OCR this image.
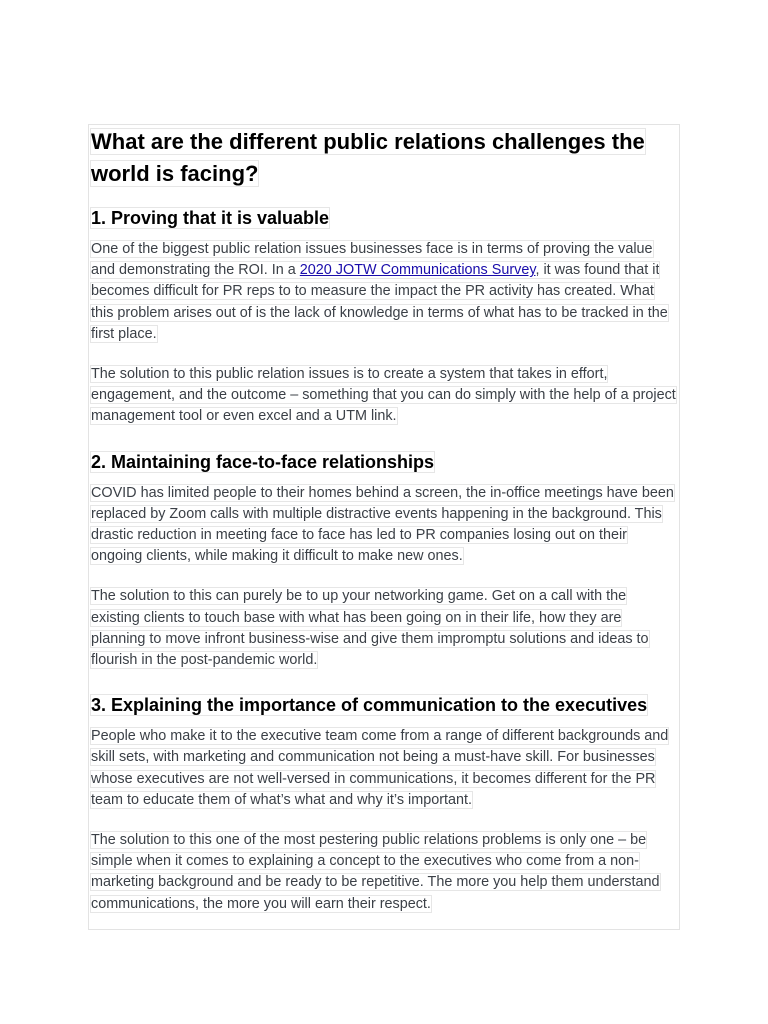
What are the different public relations challenges the world is facing?
1. Proving that it is valuable

One of the biggest public relation issues businesses face is in terms of proving the value and demonstrating the ROI. In a 2020 JOTW Communications Survey, it was found that it becomes difficult for PR reps to to measure the impact the PR activity has created. What this problem arises out of is the lack of knowledge in terms of what has to be tracked in the first place.

The solution to this public relation issues is to create a system that takes in effort, engagement, and the outcome – something that you can do simply with the help of a project management tool or even excel and a UTM link.

2. Maintaining face-to-face relationships

COVID has limited people to their homes behind a screen, the in-office meetings have been replaced by Zoom calls with multiple distractive events happening in the background. This drastic reduction in meeting face to face has led to PR companies losing out on their ongoing clients, while making it difficult to make new ones.

The solution to this can purely be to up your networking game. Get on a call with the existing clients to touch base with what has been going on in their life, how they are planning to move infront business-wise and give them impromptu solutions and ideas to flourish in the post-pandemic world.

3. Explaining the importance of communication to the executives

People who make it to the executive team come from a range of different backgrounds and skill sets, with marketing and communication not being a must-have skill. For businesses whose executives are not well-versed in communications, it becomes different for the PR team to educate them of what’s what and why it’s important.

The solution to this one of the most pestering public relations problems is only one – be simple when it comes to explaining a concept to the executives who come from a non-marketing background and be ready to be repetitive. The more you help them understand communications, the more you will earn their respect.
